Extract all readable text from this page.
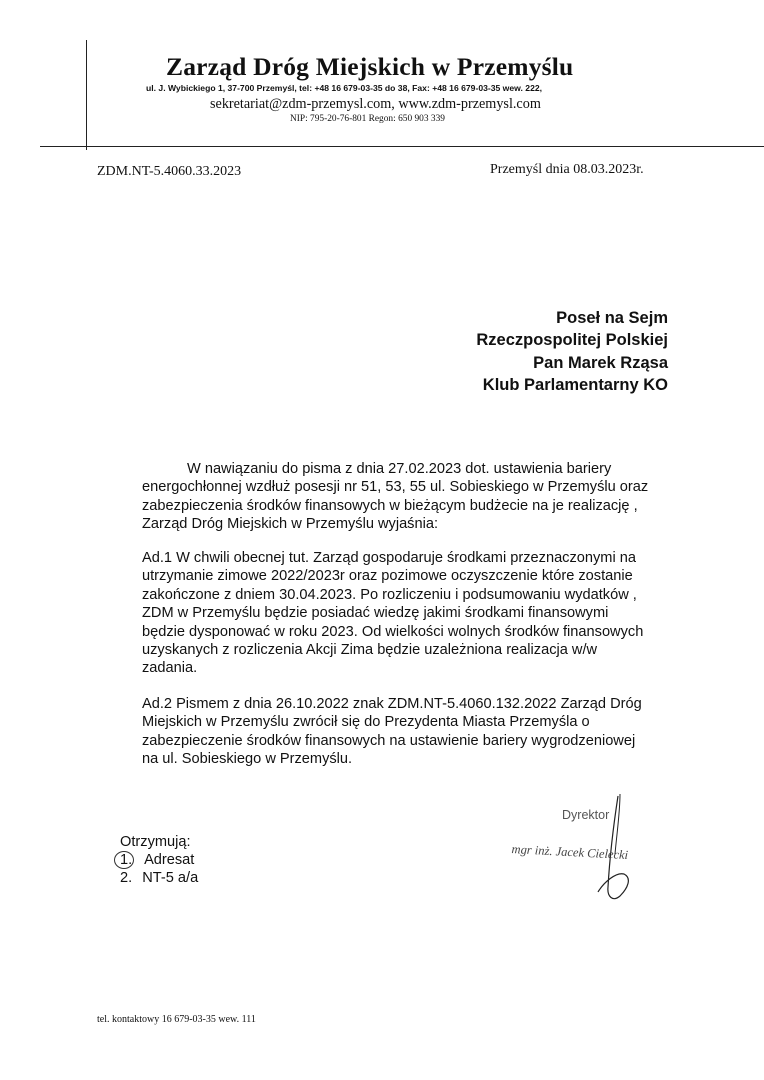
Zarząd Dróg Miejskich w Przemyślu
ul. J. Wybickiego 1, 37-700 Przemyśl, tel: +48 16 679-03-35 do 38, Fax: +48 16 679-03-35 wew. 222,
sekretariat@zdm-przemysl.com, www.zdm-przemysl.com
NIP: 795-20-76-801 Regon: 650 903 339
ZDM.NT-5.4060.33.2023	Przemyśl dnia 08.03.2023r.
Poseł na Sejm
Rzeczpospolitej Polskiej
Pan Marek Rząsa
Klub Parlamentarny KO
W nawiązaniu do pisma z dnia 27.02.2023 dot. ustawienia bariery
energochłonnej wzdłuż posesji nr 51, 53, 55 ul. Sobieskiego w Przemyślu oraz
zabezpieczenia środków finansowych w bieżącym budżecie na je realizację ,
Zarząd Dróg Miejskich w Przemyślu wyjaśnia:
Ad.1 W chwili obecnej tut. Zarząd gospodaruje środkami przeznaczonymi na
utrzymanie zimowe 2022/2023r oraz pozimowe oczyszczenie które zostanie
zakończone z dniem 30.04.2023. Po rozliczeniu i podsumowaniu wydatków ,
ZDM w Przemyślu będzie posiadać wiedzę jakimi środkami finansowymi
będzie dysponować w roku 2023. Od wielkości wolnych środków finansowych
uzyskanych z rozliczenia Akcji Zima będzie uzależniona realizacja w/w
zadania.
Ad.2 Pismem z dnia 26.10.2022 znak ZDM.NT-5.4060.132.2022 Zarząd Dróg
Miejskich w Przemyślu zwrócił się do Prezydenta Miasta Przemyśla o
zabezpieczenie środków finansowych na ustawienie bariery wygrodzeniowej
na ul. Sobieskiego w Przemyślu.
Dyrektor
mgr inż. Jacek Cielecki
Otrzymują:
1. Adresat
2. NT-5 a/a
tel. kontaktowy 16 679-03-35 wew. 111
